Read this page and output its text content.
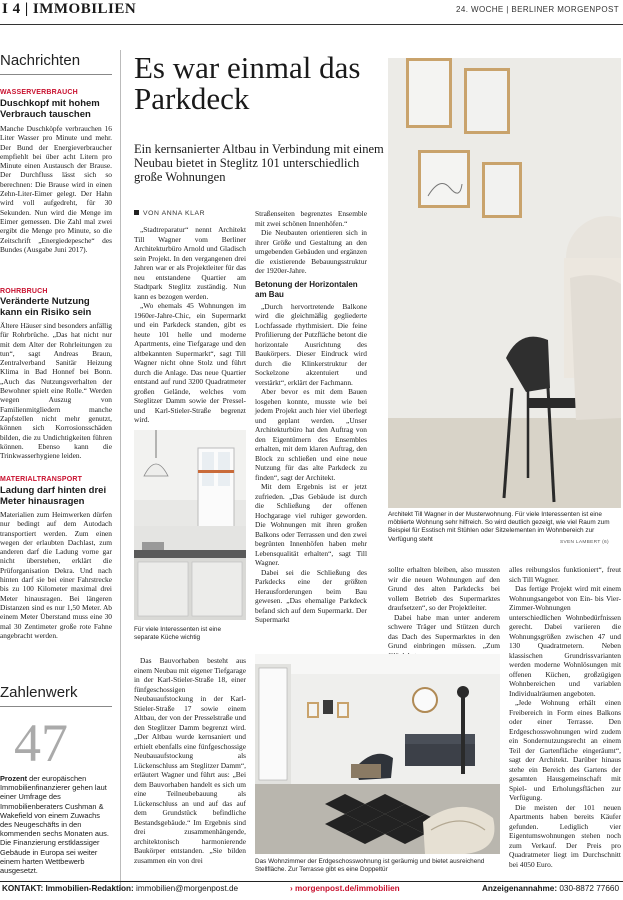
I 4 | IMMOBILIEN	24. WOCHE | BERLINER MORGENPOST
Nachrichten
WASSERVERBRAUCH
Duschkopf mit hohem Verbrauch tauschen
Manche Duschköpfe verbrauchen 16 Liter Wasser pro Minute und mehr. Der Bund der Energieverbraucher empfiehlt bei über acht Litern pro Minute einen Austausch der Brause. Der Durchfluss lässt sich so berechnen: Die Brause wird in einen Zehn-Liter-Eimer gelegt. Der Hahn wird voll aufgedreht, für 30 Sekunden. Nun wird die Menge im Eimer gemessen. Die Zahl mal zwei ergibt die Menge pro Minute, so die Zeitschrift „Energiedepesche“ des Bundes (Ausgabe Juni 2017).
ROHRBRUCH
Veränderte Nutzung kann ein Risiko sein
Ältere Häuser sind besonders anfällig für Rohrbrüche. „Das hat nicht nur mit dem Alter der Rohrleitungen zu tun“, sagt Andreas Braun, Zentralverband Sanitär Heizung Klima in Bad Honnef bei Bonn. „Auch das Nutzungsverhalten der Bewohner spielt eine Rolle.“ Werden wegen Auszug von Familienmitgliedern manche Zapfstellen nicht mehr genutzt, können sich Korrosionsschäden bilden, die zu Undichtigkeiten führen können. Ebenso kann die Trinkwasserhygiene leiden.
MATERIALTRANSPORT
Ladung darf hinten drei Meter hinausragen
Materialien zum Heimwerken dürfen nur bedingt auf dem Autodach transportiert werden. Zum einen wegen der erlaubten Dachlast, zum anderen darf die Ladung vorne gar nicht überstehen, erklärt die Prüforganisation Dekra. Und nach hinten darf sie bei einer Fahrstrecke bis zu 100 Kilometer maximal drei Meter hinausragen. Bei längeren Distanzen sind es nur 1,50 Meter. Ab einem Meter Überstand muss eine 30 mal 30 Zentimeter große rote Fahne angebracht werden.
Zahlenwerk
47
Prozent der europäischen Immobilienfinanzierer gehen laut einer Umfrage des Immobilienberaters Cushman & Wakefield von einem Zuwachs des Neugeschäfts in den kommenden sechs Monaten aus. Die Finanzierung erstklassiger Gebäude in Europa sei weiter einem harten Wettbewerb ausgesetzt.
Es war einmal das Parkdeck
Ein kernsanierter Altbau in Verbindung mit einem Neubau bietet in Steglitz 101 unterschiedlich große Wohnungen
VON ANNA KLAR

„Stadtreparatur“ nennt Architekt Till Wagner vom Berliner Architekturbüro Arnold und Gladisch sein Projekt. In den vergangenen drei Jahren war er als Projektleiter für das neu entstandene Quartier am Stadtpark Steglitz zuständig. Nun kann es bezogen werden.

„Wo ehemals 45 Wohnungen im 1960er-Jahre-Chic, ein Supermarkt und ein Parkdeck standen, gibt es heute 101 helle und moderne Apartments, eine Tiefgarage und den altbekannten Supermarkt“, sagt Till Wagner nicht ohne Stolz und führt durch die Anlage. Das neue Quartier entstand auf rund 3200 Quadratmeter großen Gelände, welches vom Steglitzer Damm sowie der Pressel- und Karl-Stieler-Straße begrenzt wird.

Straßenseiten begrenztes Ensemble mit zwei schönen Innenhöfen.“

Die Neubauten orientieren sich in ihrer Größe und Gestaltung an den umgebenden Gebäuden und ergänzen die existierende Bebauungsstruktur der 1920er-Jahre.

Betonung der Horizontalen am Bau

„Durch hervortretende Balkone wird die gleichmäßig gegliederte Lochfassade rhythmisiert. Die feine Profilierung der Putzfläche betont die horizontale Ausrichtung des Baukörpers. Dieser Eindruck wird durch die Klinkerstruktur der Sockelzone akzentuiert und verstärkt“, erklärt der Fachmann.

Aber bevor es mit dem Bauen losgehen konnte, musste wie bei jedem Projekt auch hier viel überlegt und geplant werden. „Unser Architekturbüro hat den Auftrag von den Eigentümern des Ensembles erhalten, mit dem klaren Auftrag, den Block zu schließen und eine neue Nutzung für das alte Parkdeck zu finden“, sagt der Architekt.

Mit dem Ergebnis ist er jetzt zufrieden. „Das Gebäude ist durch die Schließung der offenen Hochgarage viel ruhiger geworden. Die Wohnungen mit ihren großen Balkons oder Terrassen und den zwei begrünten Innenhöfen haben mehr Lebensqualität erhalten“, sagt Till Wagner.

Dabei sei die Schließung des Parkdecks eine der größten Herausforderungen beim Bau gewesen. „Das ehemalige Parkdeck befand sich auf dem Supermarkt. Der Supermarkt

Für viele Interessenten ist eine separate Küche wichtig

Das Bauvorhaben besteht aus einem Neubau mit eigener Tiefgarage in der Karl-Stieler-Straße 18, einer fünfgeschossigen Neubauaufstockung in der Karl-Stieler-Straße 17 sowie einem Altbau, der von der Presselstraße und den Steglitzer Damm begrenzt wird. „Der Altbau wurde kernsaniert und erhielt ebenfalls eine fünfgeschossige Neubauaufstockung als Lückenschluss am Steglitzer Damm“, erläutert Wagner und führt aus: „Bei dem Bauvorhaben handelt es sich um eine Teilneubebauung als Lückenschluss an und auf das auf dem Grundstück befindliche Bestandsgebäude.“ Im Ergebnis sind drei zusammenhängende, architektonisch harmonierende Baukörper entstanden. „Sie bilden zusammen ein von drei

Architekt Till Wagner in der Musterwohnung. Für viele Interessenten ist eine möblierte Wohnung sehr hilfreich. So wird deutlich gezeigt, wie viel Raum zum Beispiel für Esstisch mit Stühlen oder Sitzelementen im Wohnbereich zur Verfügung steht	SVEN LAMBERT (6)

sollte erhalten bleiben, also mussten wir die neuen Wohnungen auf den Grund des alten Parkdecks bei vollem Betrieb des Supermarktes draufsetzen“, so der Projektleiter.

Dabei habe man unter anderem schwere Träger und Stützen durch das Dach des Supermarktes in den Grund einbringen müssen. „Zum

alles reibungslos funktioniert“, freut sich Till Wagner.

Das fertige Projekt wird mit einem Wohnungsangebot von Ein- bis Vier-Zimmer-Wohnungen unterschiedlichen Wohnbedürfnissen gerecht. Dabei variieren die Wohnungsgrößen zwischen 47 und 130 Quadratmetern. Neben klassischen Grundrissvarianten werden moderne Wohnlösungen mit offenen Küchen, großzügigen Wohnbereichen und variablen Individualräumen angeboten.

„Jede Wohnung erhält einen Freibereich in Form eines Balkons oder einer Terrasse. Den Erdgeschosswohnungen wird zudem ein Sondernutzungsrecht an einem Teil der Gartenfläche eingeräumt“, sagt der Architekt. Darüber hinaus stehe ein Bereich des Gartens der gesamten Hausgemeinschaft mit Spiel- und Erholungsflächen zur Verfügung.

Die meisten der 101 neuen Apartments haben bereits Käufer gefunden. Lediglich vier Eigentumswohnungen stehen noch zum Verkauf. Der Preis pro Quadratmeter liegt im Durchschnitt bei 4050 Euro.

Das Wohnzimmer der Erdgeschosswohnung ist geräumig und bietet ausreichend Stellfläche. Zur Terrasse gibt es eine Doppeltür
KONTAKT: Immobilien-Redaktion: immobilien@morgenpost.de	› morgenpost.de/immobilien	Anzeigenannahme: 030-8872 77660
